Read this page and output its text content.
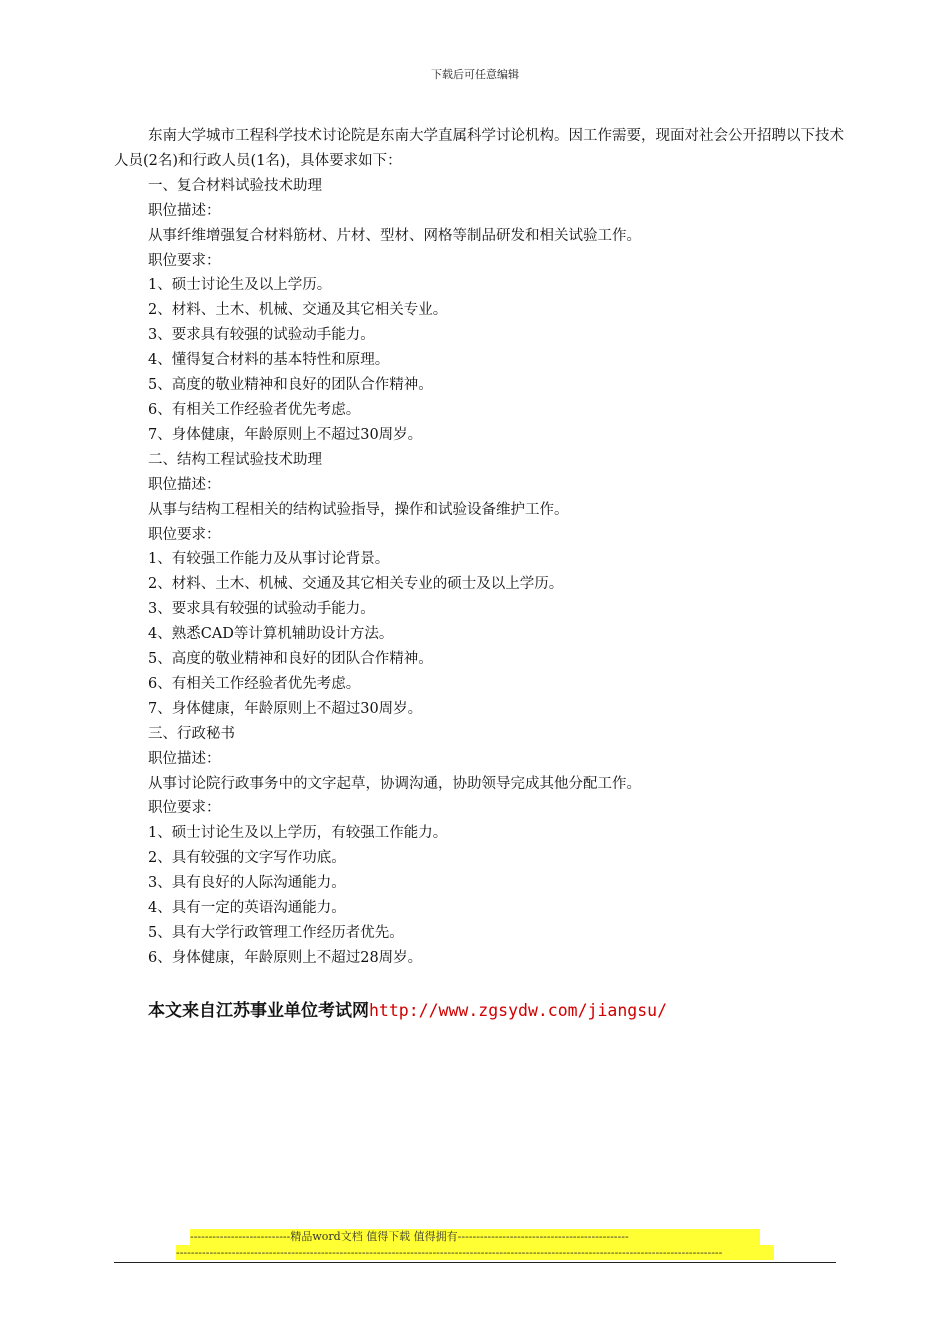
下载后可任意编辑

东南大学城市工程科学技术讨论院是东南大学直属科学讨论机构。因工作需要，现面对社会公开招聘以下技术人员(2名)和行政人员(1名)，具体要求如下：

一、复合材料试验技术助理

职位描述：

从事纤维增强复合材料筋材、片材、型材、网格等制品研发和相关试验工作。

职位要求：

1、硕士讨论生及以上学历。

2、材料、土木、机械、交通及其它相关专业。

3、要求具有较强的试验动手能力。

4、懂得复合材料的基本特性和原理。

5、高度的敬业精神和良好的团队合作精神。

6、有相关工作经验者优先考虑。

7、身体健康，年龄原则上不超过30周岁。

二、结构工程试验技术助理

职位描述：

从事与结构工程相关的结构试验指导，操作和试验设备维护工作。

职位要求：

1、有较强工作能力及从事讨论背景。

2、材料、土木、机械、交通及其它相关专业的硕士及以上学历。

3、要求具有较强的试验动手能力。

4、熟悉CAD等计算机辅助设计方法。

5、高度的敬业精神和良好的团队合作精神。

6、有相关工作经验者优先考虑。

7、身体健康，年龄原则上不超过30周岁。

三、行政秘书

职位描述：

从事讨论院行政事务中的文字起草，协调沟通，协助领导完成其他分配工作。

职位要求：

1、硕士讨论生及以上学历，有较强工作能力。

2、具有较强的文字写作功底。

3、具有良好的人际沟通能力。

4、具有一定的英语沟通能力。

5、具有大学行政管理工作经历者优先。

6、身体健康，年龄原则上不超过28周岁。

本文来自江苏事业单位考试网http://www.zgsydw.com/jiangsu/
---------------------------精品word文档 值得下载 值得拥有----------------------------------------------
---------------------------------------------------------------------------------------------------------------------------------------------------
